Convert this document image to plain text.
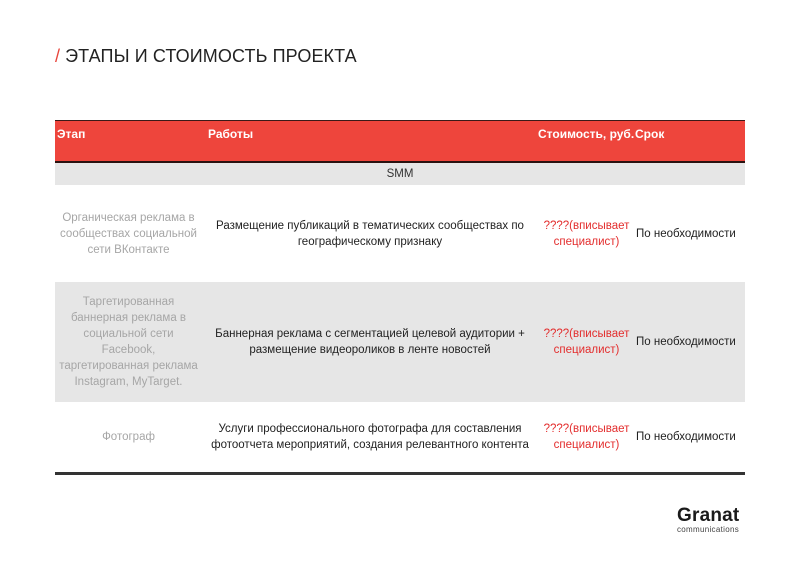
/ ЭТАПЫ И СТОИМОСТЬ ПРОЕКТА
Этап	Работы	Стоимость, руб.	Срок
SMM			
Органическая реклама в сообществах социальной сети ВКонтакте	Размещение публикаций в тематических сообществах по географическому признаку	????(вписывает специалист)	По необходимости
Таргетированная баннерная реклама в социальной сети Facebook, таргетированная реклама Instagram, MyTarget.	Баннерная реклама с сегментацией целевой аудитории + размещение видеороликов в ленте новостей	????(вписывает специалист)	По необходимости
Фотограф	Услуги профессионального фотографа для составления фотоотчета мероприятий, создания релевантного контента	????(вписывает специалист)	По необходимости
Granat
communications
